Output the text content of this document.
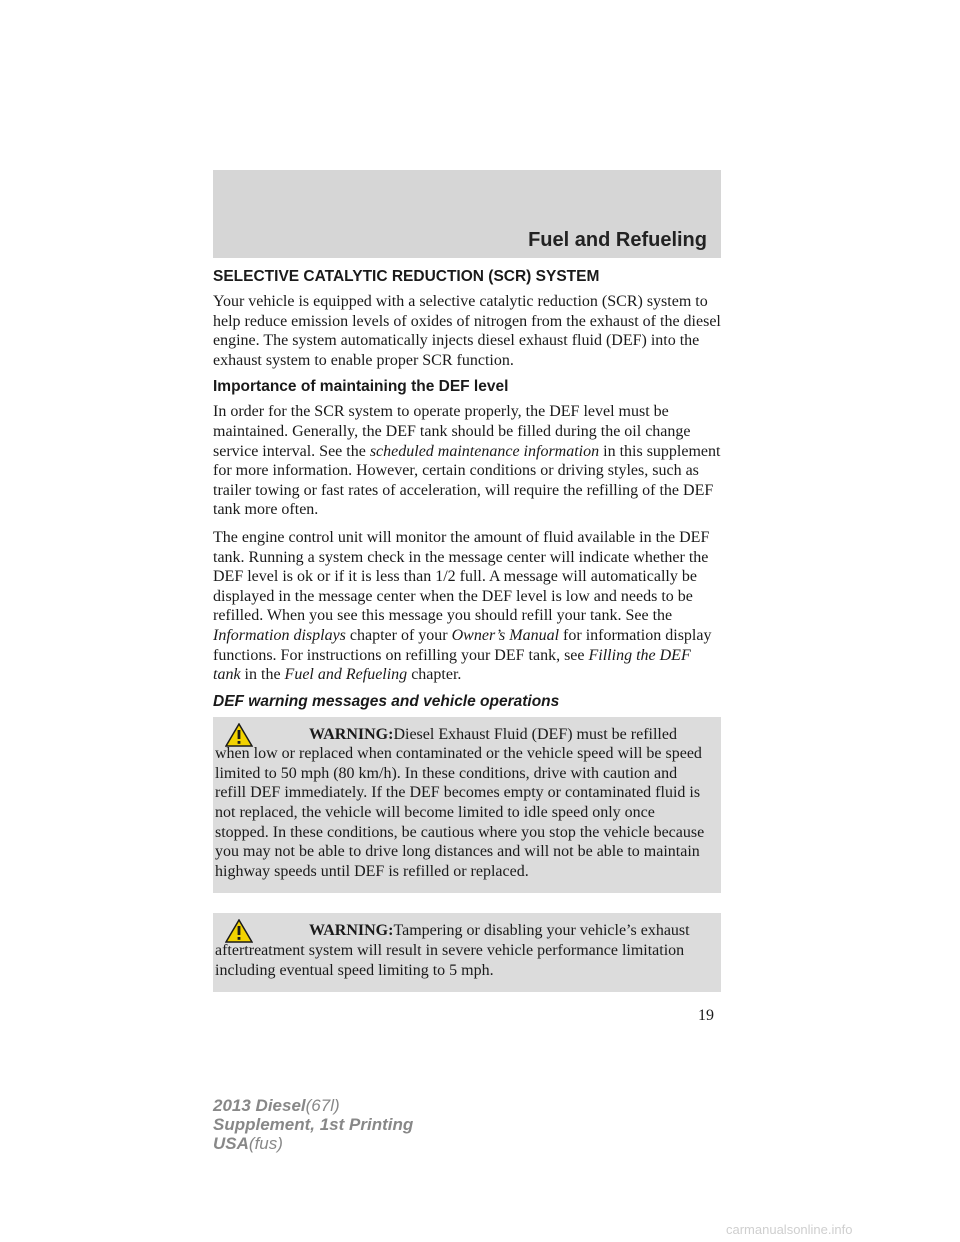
Fuel and Refueling
SELECTIVE CATALYTIC REDUCTION (SCR) SYSTEM

Your vehicle is equipped with a selective catalytic reduction (SCR) system to help reduce emission levels of oxides of nitrogen from the exhaust of the diesel engine. The system automatically injects diesel exhaust fluid (DEF) into the exhaust system to enable proper SCR function.

Importance of maintaining the DEF level

In order for the SCR system to operate properly, the DEF level must be maintained. Generally, the DEF tank should be filled during the oil change service interval. See the scheduled maintenance information in this supplement for more information. However, certain conditions or driving styles, such as trailer towing or fast rates of acceleration, will require the refilling of the DEF tank more often.

The engine control unit will monitor the amount of fluid available in the DEF tank. Running a system check in the message center will indicate whether the DEF level is ok or if it is less than 1/2 full. A message will automatically be displayed in the message center when the DEF level is low and needs to be refilled. When you see this message you should refill your tank. See the Information displays chapter of your Owner’s Manual for information display functions. For instructions on refilling your DEF tank, see Filling the DEF tank in the Fuel and Refueling chapter.

DEF warning messages and vehicle operations

WARNING:Diesel Exhaust Fluid (DEF) must be refilled when low or replaced when contaminated or the vehicle speed will be speed limited to 50 mph (80 km/h). In these conditions, drive with caution and refill DEF immediately. If the DEF becomes empty or contaminated fluid is not replaced, the vehicle will become limited to idle speed only once stopped. In these conditions, be cautious where you stop the vehicle because you may not be able to drive long distances and will not be able to maintain highway speeds until DEF is refilled or replaced.

WARNING:Tampering or disabling your vehicle’s exhaust aftertreatment system will result in severe vehicle performance limitation including eventual speed limiting to 5 mph.

19
2013 Diesel(67l)
Supplement, 1st Printing
USA(fus)
carmanualsonline.info
